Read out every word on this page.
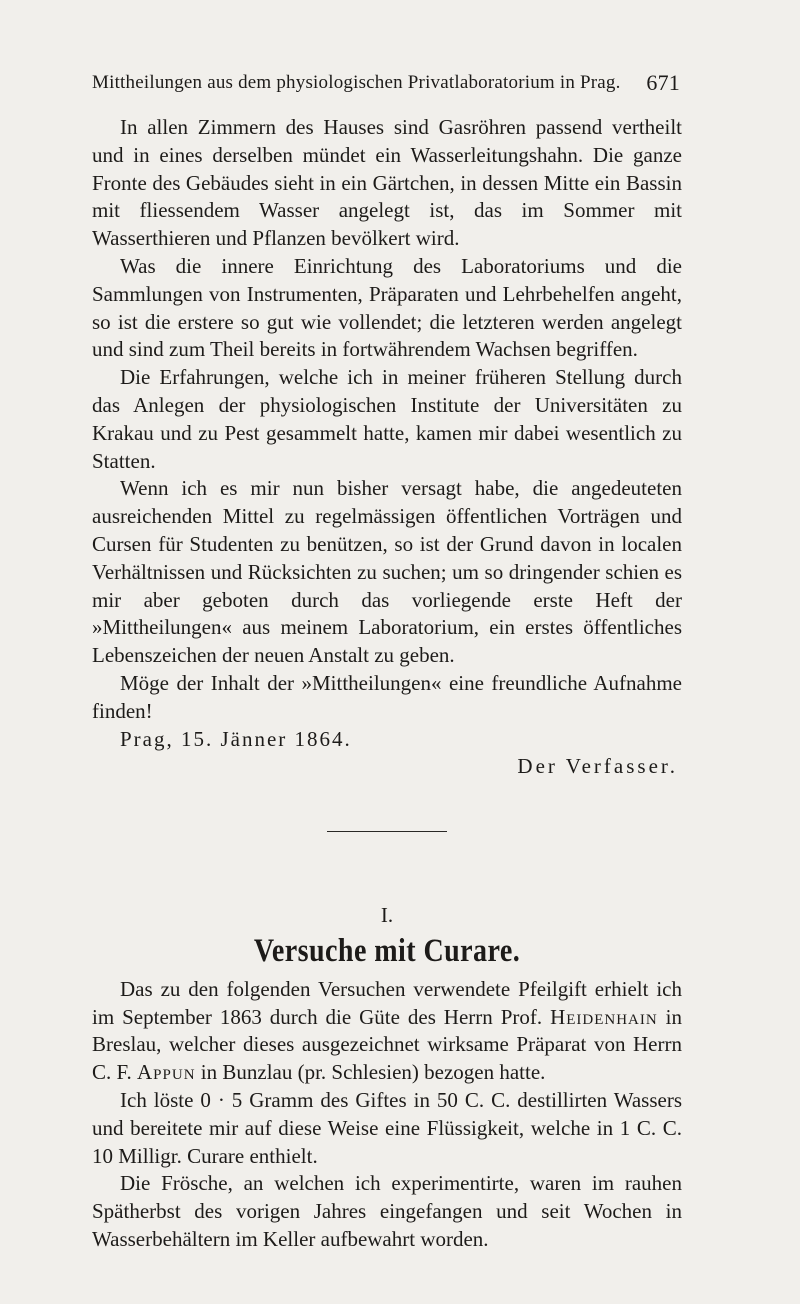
Mittheilungen aus dem physiologischen Privatlaboratorium in Prag. 671

In allen Zimmern des Hauses sind Gasröhren passend vertheilt und in eines derselben mündet ein Wasserleitungshahn. Die ganze Fronte des Gebäudes sieht in ein Gärtchen, in dessen Mitte ein Bassin mit fliessendem Wasser angelegt ist, das im Sommer mit Wasserthieren und Pflanzen bevölkert wird.

Was die innere Einrichtung des Laboratoriums und die Sammlungen von Instrumenten, Präparaten und Lehrbehelfen angeht, so ist die erstere so gut wie vollendet; die letzteren werden angelegt und sind zum Theil bereits in fortwährendem Wachsen begriffen.

Die Erfahrungen, welche ich in meiner früheren Stellung durch das Anlegen der physiologischen Institute der Universitäten zu Krakau und zu Pest gesammelt hatte, kamen mir dabei wesentlich zu Statten.

Wenn ich es mir nun bisher versagt habe, die angedeuteten ausreichenden Mittel zu regelmässigen öffentlichen Vorträgen und Cursen für Studenten zu benützen, so ist der Grund davon in localen Verhältnissen und Rücksichten zu suchen; um so dringender schien es mir aber geboten durch das vorliegende erste Heft der »Mittheilungen« aus meinem Laboratorium, ein erstes öffentliches Lebenszeichen der neuen Anstalt zu geben.

Möge der Inhalt der »Mittheilungen« eine freundliche Aufnahme finden!

Prag, 15. Jänner 1864.

Der Verfasser.

I.
Versuche mit Curare.

Das zu den folgenden Versuchen verwendete Pfeilgift erhielt ich im September 1863 durch die Güte des Herrn Prof. Heidenhain in Breslau, welcher dieses ausgezeichnet wirksame Präparat von Herrn C. F. Appun in Bunzlau (pr. Schlesien) bezogen hatte.

Ich löste 0 · 5 Gramm des Giftes in 50 C. C. destillirten Wassers und bereitete mir auf diese Weise eine Flüssigkeit, welche in 1 C. C. 10 Milligr. Curare enthielt.

Die Frösche, an welchen ich experimentirte, waren im rauhen Spätherbst des vorigen Jahres eingefangen und seit Wochen in Wasserbehältern im Keller aufbewahrt worden.
